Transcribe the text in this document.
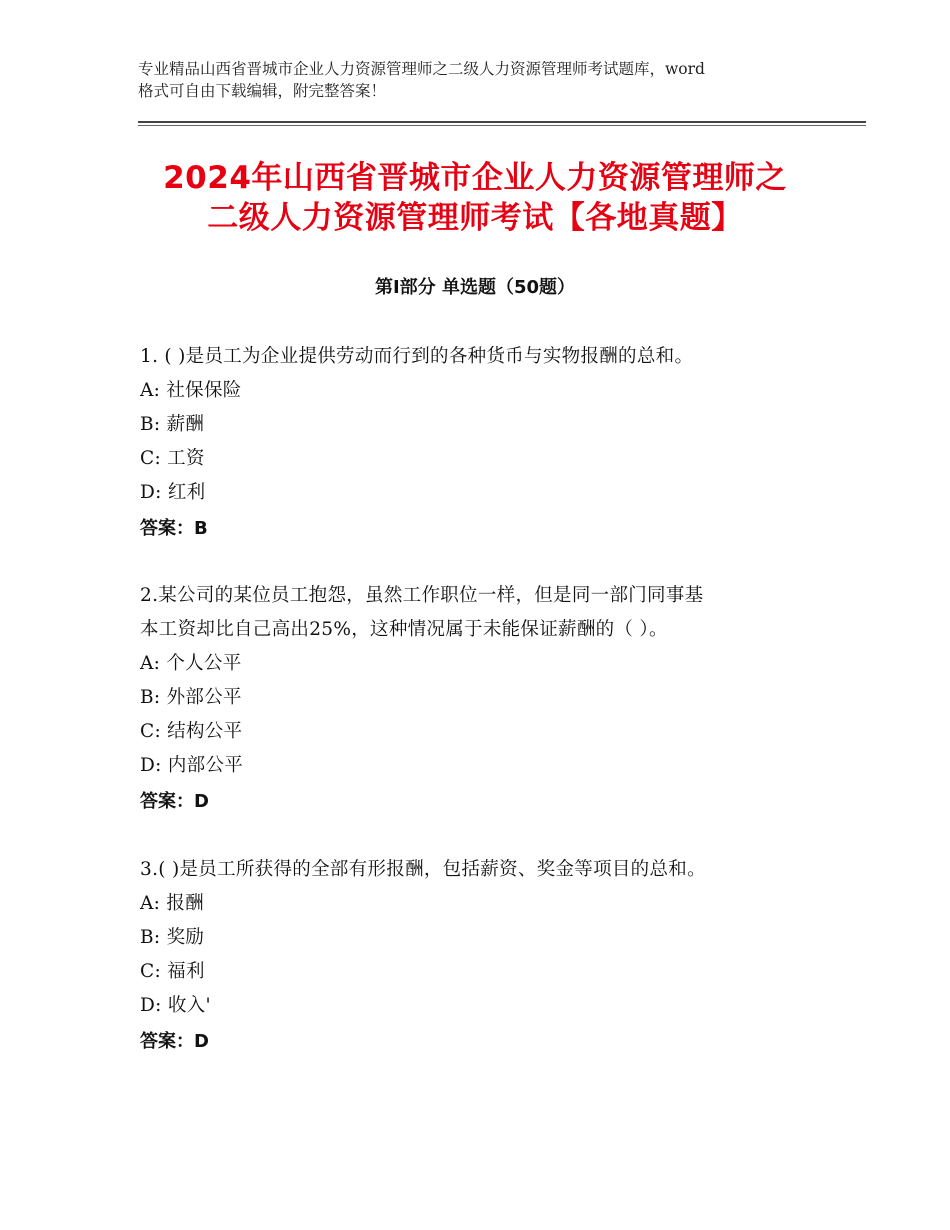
专业精品山西省晋城市企业人力资源管理师之二级人力资源管理师考试题库，word
格式可自由下载编辑，附完整答案！
2024年山西省晋城市企业人力资源管理师之
二级人力资源管理师考试【各地真题】
第Ⅰ部分 单选题（50题）
1. ( )是员工为企业提供劳动而行到的各种货币与实物报酬的总和。
A: 社保保险
B: 薪酬
C: 工资
D: 红利
答案：B
2.某公司的某位员工抱怨，虽然工作职位一样，但是同一部门同事基
本工资却比自己高出25%，这种情况属于未能保证薪酬的（ ）。
A: 个人公平
B: 外部公平
C: 结构公平
D: 内部公平
答案：D
3.( )是员工所获得的全部有形报酬，包括薪资、奖金等项目的总和。
A: 报酬
B: 奖励
C: 福利
D: 收入'
答案：D
